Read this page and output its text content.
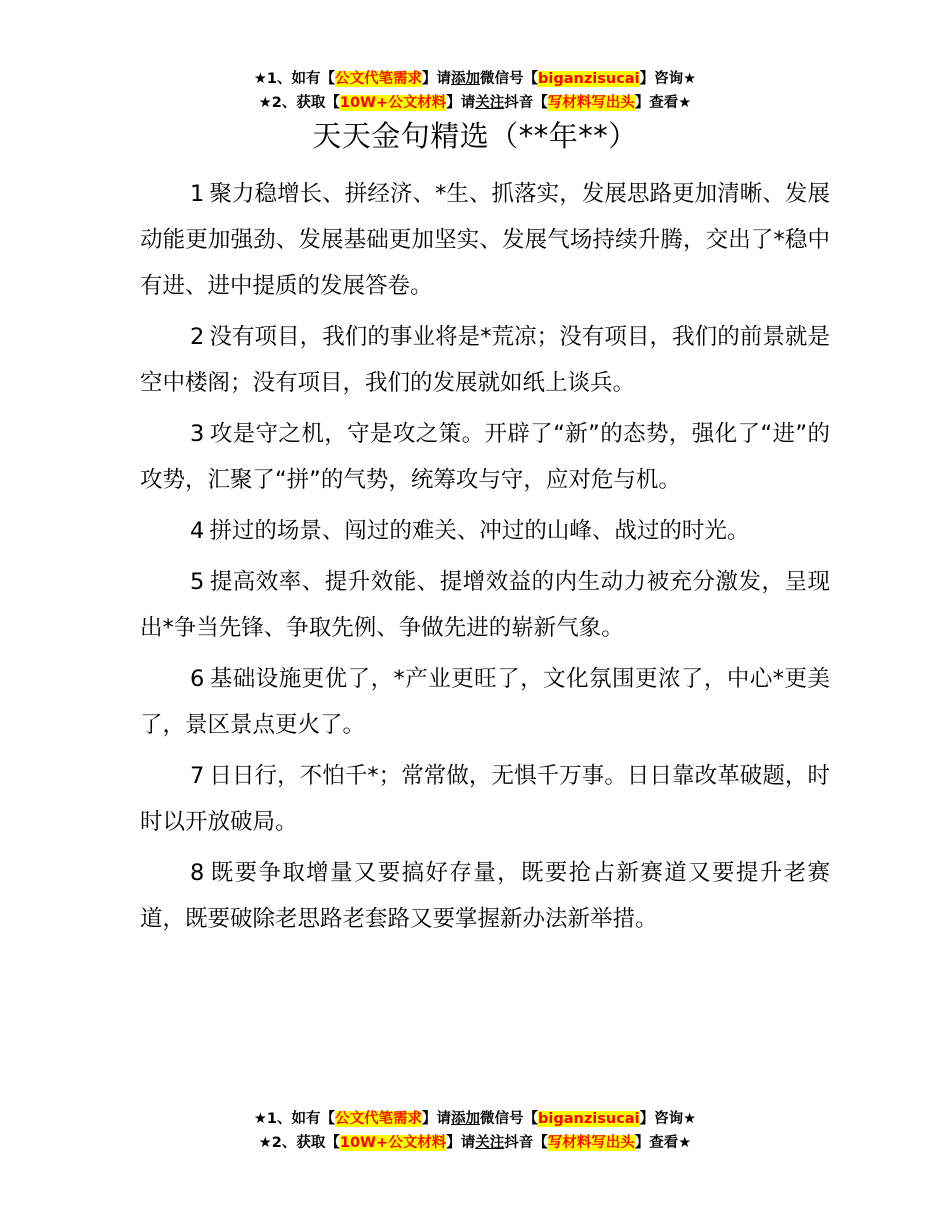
★1、如有【公文代笔需求】请添加微信号【biganzisucai】咨询★
★2、获取【10W+公文材料】请关注抖音【写材料写出头】查看★
天天金句精选（**年**）

1 聚力稳增长、拼经济、*生、抓落实，发展思路更加清晰、发展动能更加强劲、发展基础更加坚实、发展气场持续升腾，交出了*稳中有进、进中提质的发展答卷。

2 没有项目，我们的事业将是*荒凉；没有项目，我们的前景就是空中楼阁；没有项目，我们的发展就如纸上谈兵。

3 攻是守之机，守是攻之策。开辟了“新”的态势，强化了“进”的攻势，汇聚了“拼”的气势，统筹攻与守，应对危与机。

4 拼过的场景、闯过的难关、冲过的山峰、战过的时光。

5 提高效率、提升效能、提增效益的内生动力被充分激发，呈现出*争当先锋、争取先例、争做先进的崭新气象。

6 基础设施更优了，*产业更旺了，文化氛围更浓了，中心*更美了，景区景点更火了。

7 日日行，不怕千*；常常做，无惧千万事。日日靠改革破题，时时以开放破局。

8 既要争取增量又要搞好存量，既要抢占新赛道又要提升老赛道，既要破除老思路老套路又要掌握新办法新举措。

★1、如有【公文代笔需求】请添加微信号【biganzisucai】咨询★
★2、获取【10W+公文材料】请关注抖音【写材料写出头】查看★
